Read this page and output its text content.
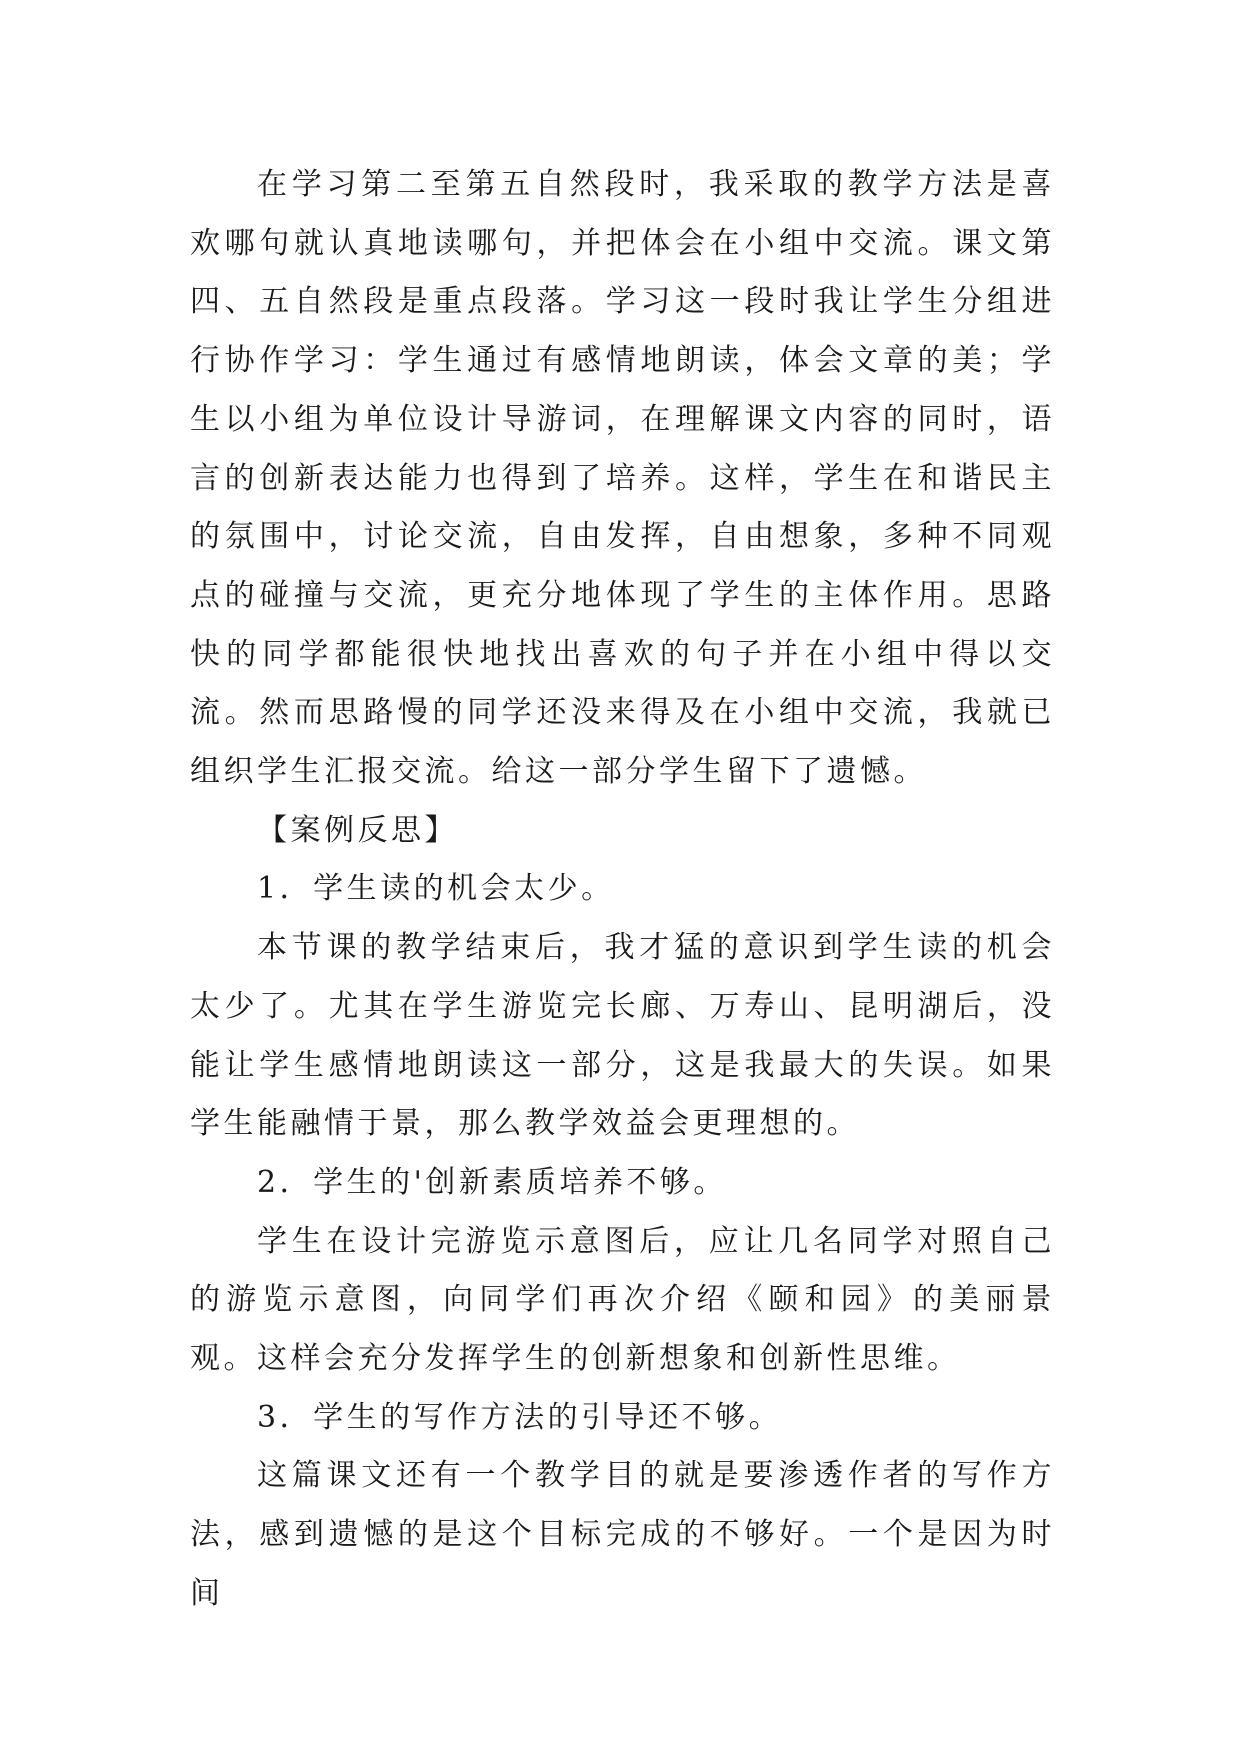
在学习第二至第五自然段时，我采取的教学方法是喜欢哪句就认真地读哪句，并把体会在小组中交流。课文第四、五自然段是重点段落。学习这一段时我让学生分组进行协作学习：学生通过有感情地朗读，体会文章的美；学生以小组为单位设计导游词，在理解课文内容的同时，语言的创新表达能力也得到了培养。这样，学生在和谐民主的氛围中，讨论交流，自由发挥，自由想象，多种不同观点的碰撞与交流，更充分地体现了学生的主体作用。思路快的同学都能很快地找出喜欢的句子并在小组中得以交流。然而思路慢的同学还没来得及在小组中交流，我就已组织学生汇报交流。给这一部分学生留下了遗憾。

【案例反思】

1．学生读的机会太少。

本节课的教学结束后，我才猛的意识到学生读的机会太少了。尤其在学生游览完长廊、万寿山、昆明湖后，没能让学生感情地朗读这一部分，这是我最大的失误。如果学生能融情于景，那么教学效益会更理想的。

2．学生的'创新素质培养不够。

学生在设计完游览示意图后，应让几名同学对照自己的游览示意图，向同学们再次介绍《颐和园》的美丽景观。这样会充分发挥学生的创新想象和创新性思维。

3．学生的写作方法的引导还不够。

这篇课文还有一个教学目的就是要渗透作者的写作方法，感到遗憾的是这个目标完成的不够好。一个是因为时间
